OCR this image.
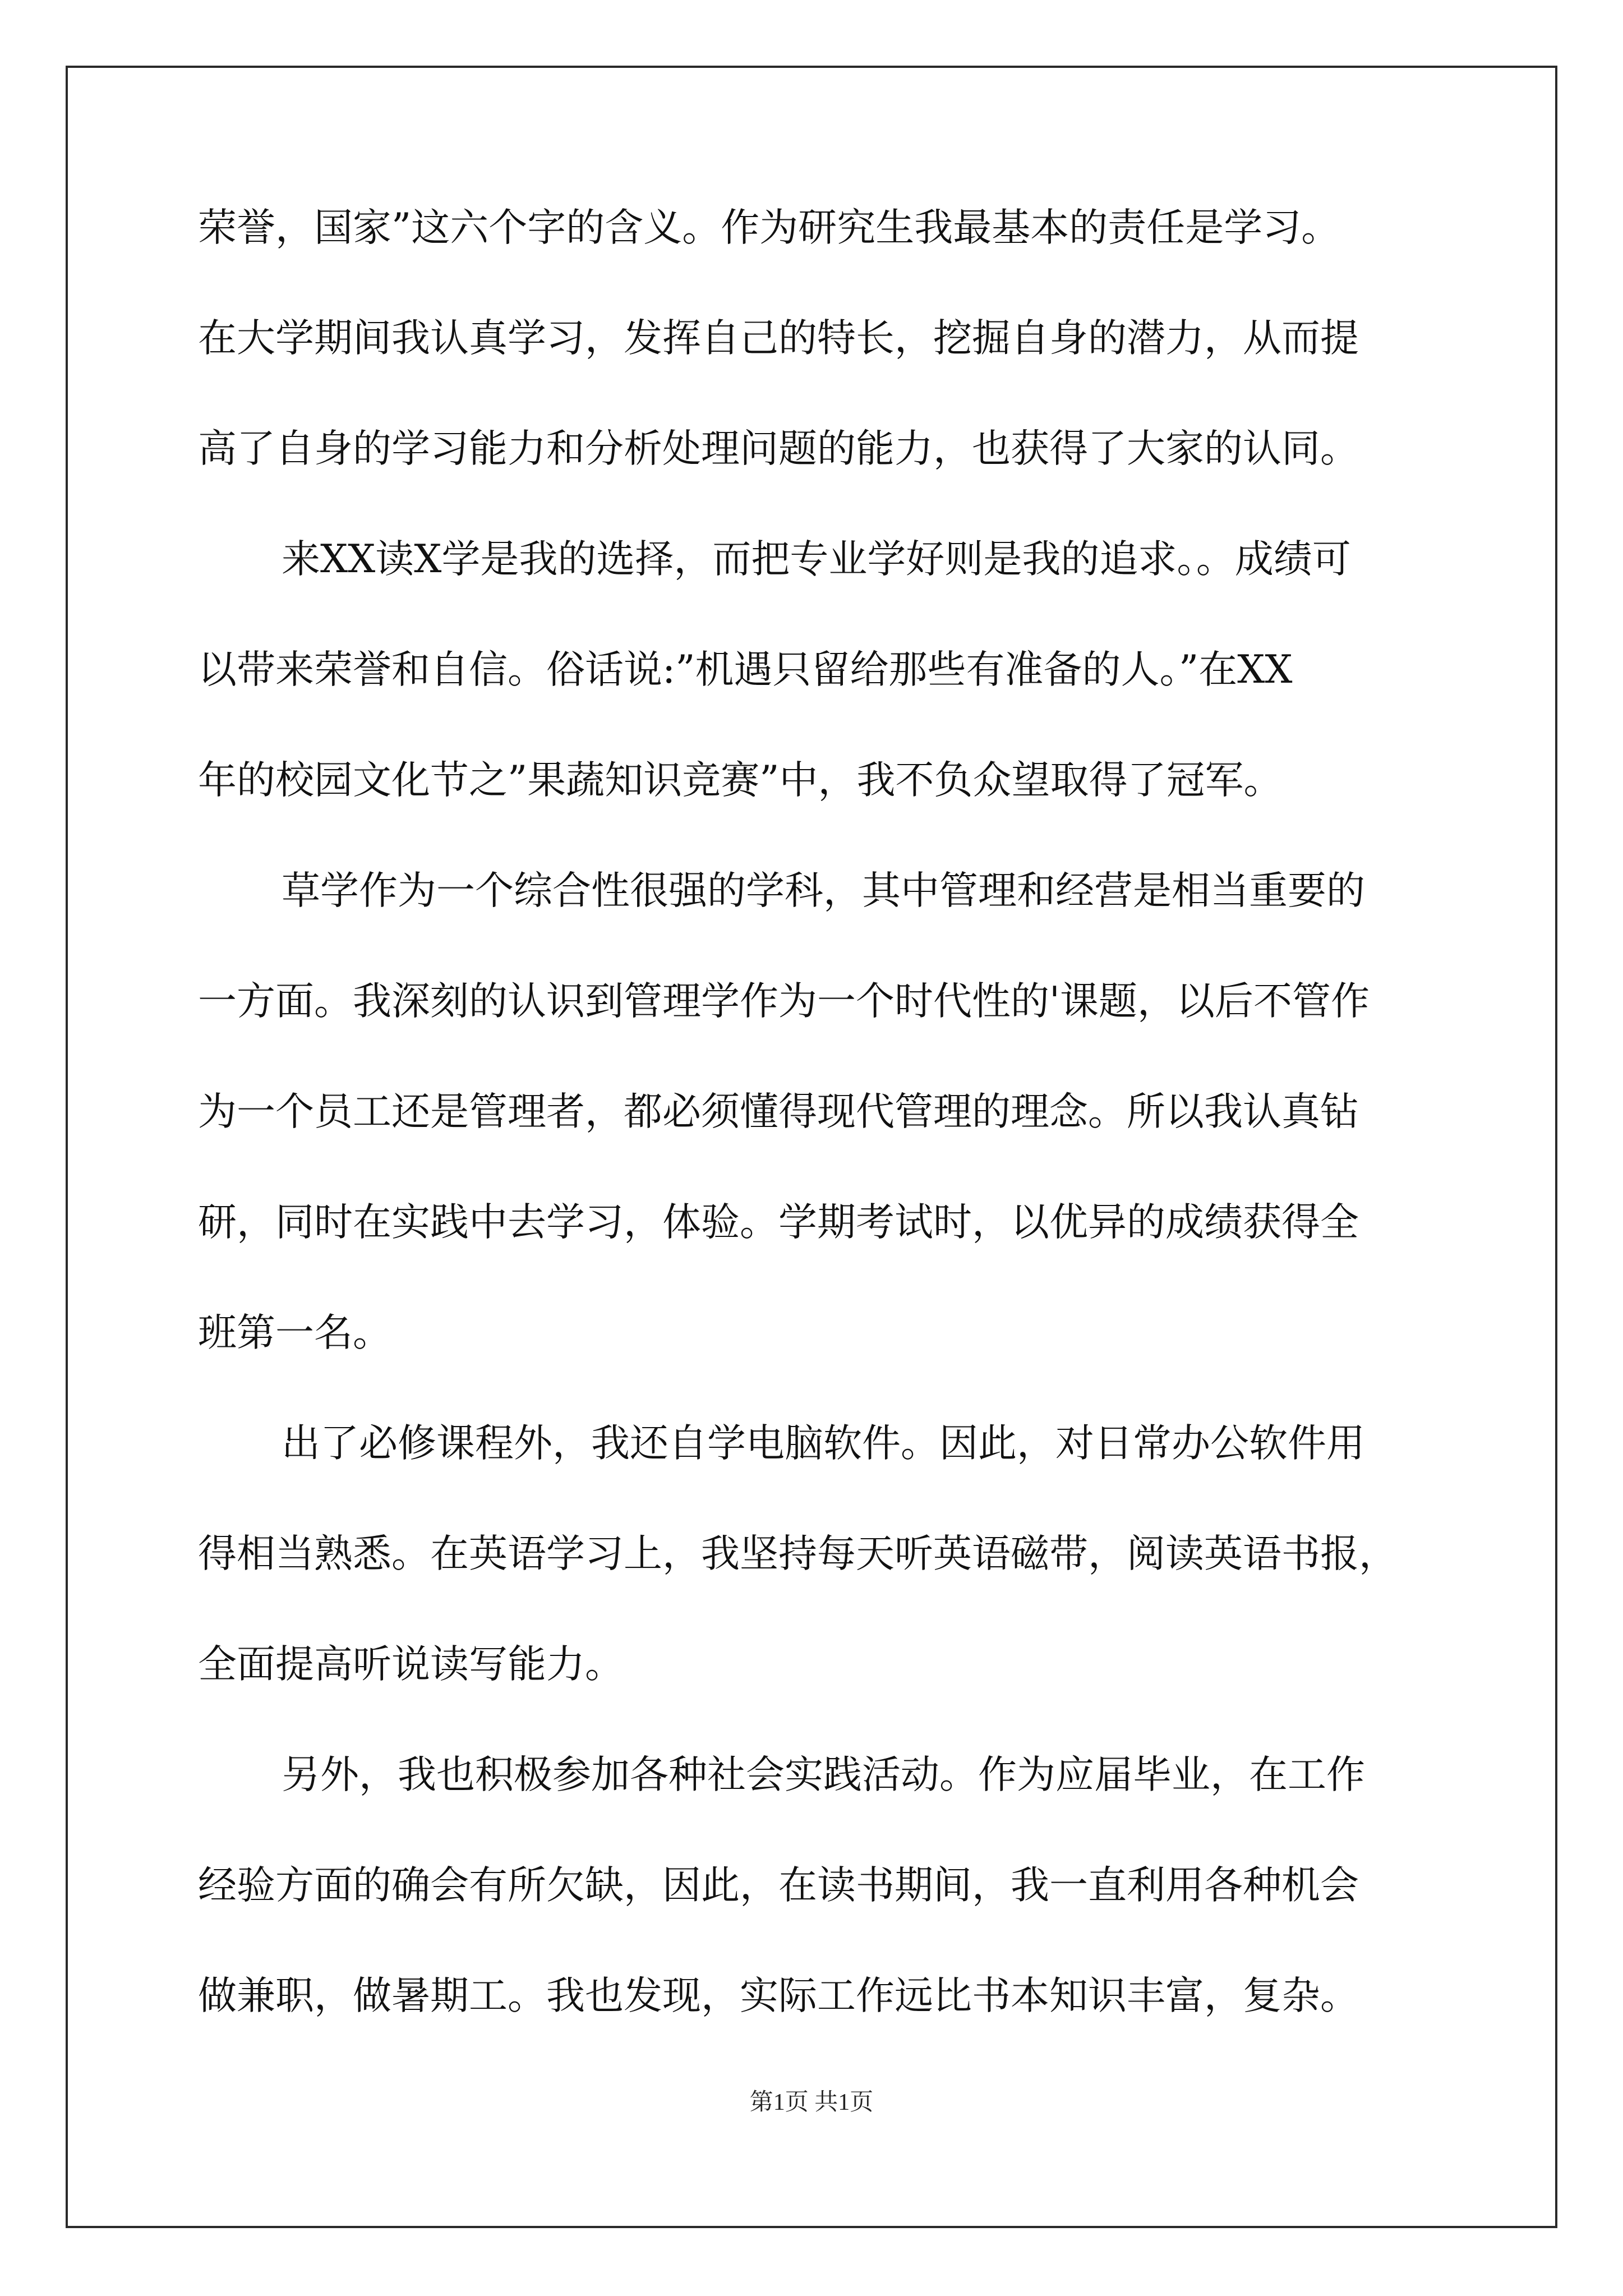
荣誉，国家”这六个字的含义。作为研究生我最基本的责任是学习。
在大学期间我认真学习，发挥自己的特长，挖掘自身的潜力，从而提
高了自身的学习能力和分析处理问题的能力，也获得了大家的认同。
来XX读X学是我的选择，而把专业学好则是我的追求。。成绩可
以带来荣誉和自信。俗话说:”机遇只留给那些有准备的人。”在XX
年的校园文化节之”果蔬知识竞赛”中，我不负众望取得了冠军。
草学作为一个综合性很强的学科，其中管理和经营是相当重要的
一方面。我深刻的认识到管理学作为一个时代性的'课题，以后不管作
为一个员工还是管理者，都必须懂得现代管理的理念。所以我认真钻
研，同时在实践中去学习，体验。学期考试时，以优异的成绩获得全
班第一名。
出了必修课程外，我还自学电脑软件。因此，对日常办公软件用
得相当熟悉。在英语学习上，我坚持每天听英语磁带，阅读英语书报，
全面提高听说读写能力。
另外，我也积极参加各种社会实践活动。作为应届毕业，在工作
经验方面的确会有所欠缺，因此，在读书期间，我一直利用各种机会
做兼职，做暑期工。我也发现，实际工作远比书本知识丰富，复杂。
第1页 共1页
